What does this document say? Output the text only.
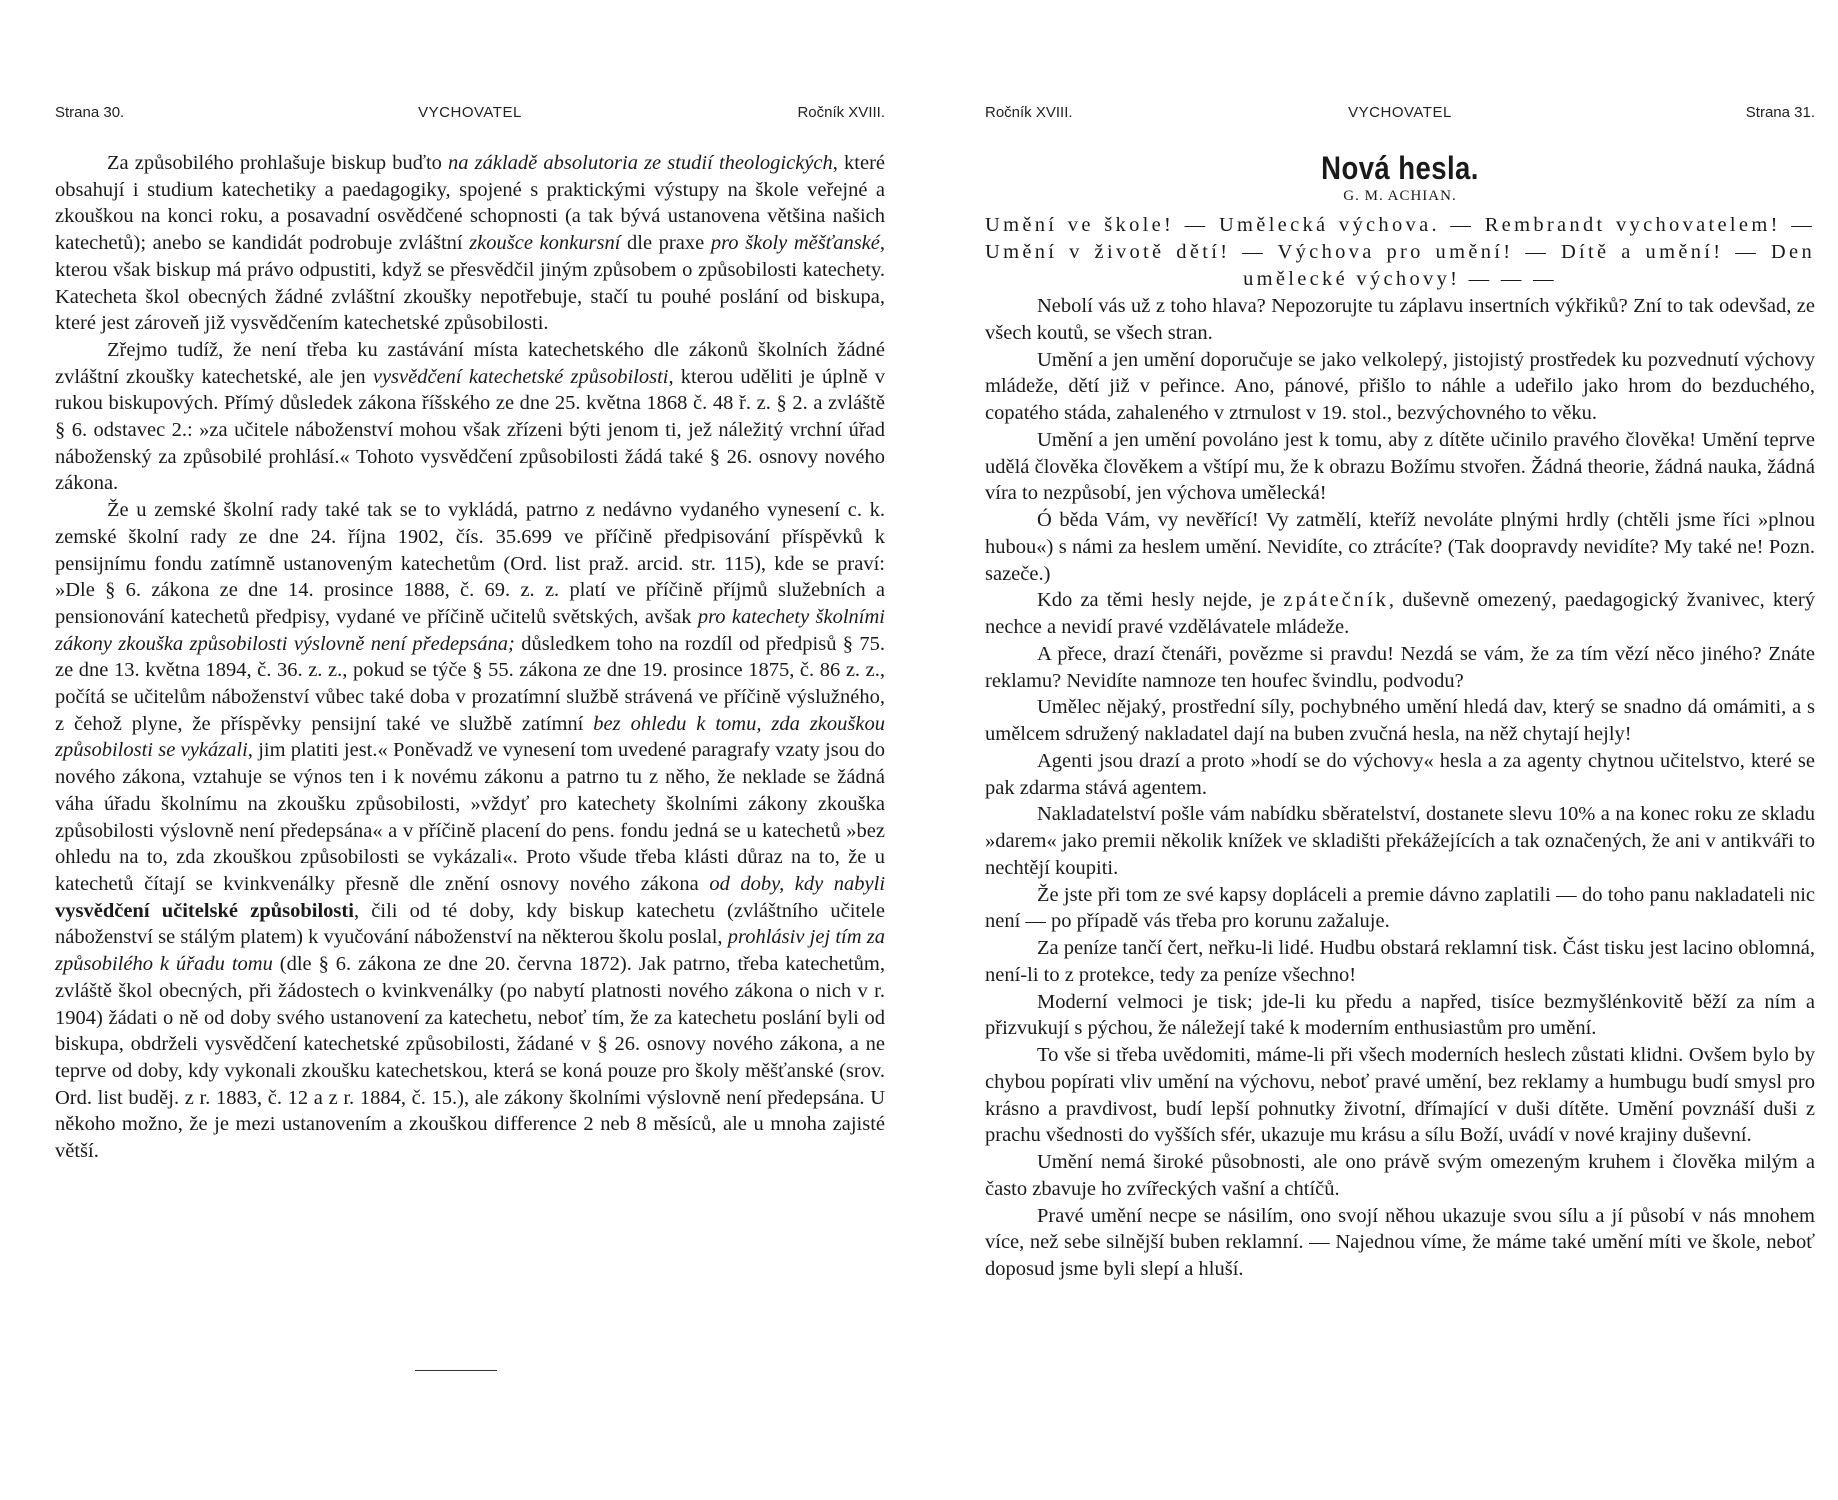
Strana 30.	VYCHOVATEL	Ročník XVIII.

Za způsobilého prohlašuje biskup buďto na základě absolutoria ze studií theologických, které obsahují i studium katechetiky a paedagogiky, spojené s praktickými výstupy na škole veřejné a zkouškou na konci roku, a posavadní osvědčené schopnosti (a tak bývá ustanovena většina našich katechetů); anebo se kandidát podrobuje zvláštní zkoušce konkursní dle praxe pro školy měšťanské, kterou však biskup má právo odpustiti, když se přesvědčil jiným způsobem o způsobilosti katechety. Katecheta škol obecných žádné zvláštní zkoušky nepotřebuje, stačí tu pouhé poslání od biskupa, které jest zároveň již vysvědčením katechetské způsobilosti.

Zřejmo tudíž, že není třeba ku zastávání místa katechetského dle zákonů školních žádné zvláštní zkoušky katechetské, ale jen vysvědčení katechetské způsobilosti, kterou uděliti je úplně v rukou biskupových. Přímý důsledek zákona říšského ze dne 25. května 1868 č. 48 ř. z. § 2. a zvláště § 6. odstavec 2.: »za učitele náboženství mohou však zřízeni býti jenom ti, jež náležitý vrchní úřad náboženský za způsobilé prohlásí.« Tohoto vysvědčení způsobilosti žádá také § 26. osnovy nového zákona.

Že u zemské školní rady také tak se to vykládá, patrno z nedávno vydaného vynesení c. k. zemské školní rady ze dne 24. října 1902, čís. 35.699 ve příčině předpisování příspěvků k pensijnímu fondu zatímně ustanoveným katechetům (Ord. list praž. arcid. str. 115), kde se praví: »Dle § 6. zákona ze dne 14. prosince 1888, č. 69. z. z. platí ve příčině příjmů služebních a pensionování katechetů předpisy, vydané ve příčině učitelů světských, avšak pro katechety školními zákony zkouška způsobilosti výslovně není předepsána; důsledkem toho na rozdíl od předpisů § 75. ze dne 13. května 1894, č. 36. z. z., pokud se týče § 55. zákona ze dne 19. prosince 1875, č. 86 z. z., počítá se učitelům náboženství vůbec také doba v prozatímní službě strávená ve příčině výslužného, z čehož plyne, že příspěvky pensijní také ve službě zatímní bez ohledu k tomu, zda zkouškou způsobilosti se vykázali, jim platiti jest.« Poněvadž ve vynesení tom uvedené paragrafy vzaty jsou do nového zákona, vztahuje se výnos ten i k novému zákonu a patrno tu z něho, že neklade se žádná váha úřadu školnímu na zkoušku způsobilosti, »vždyť pro katechety školními zákony zkouška způsobilosti výslovně není předepsána« a v příčině placení do pens. fondu jedná se u katechetů »bez ohledu na to, zda zkouškou způsobilosti se vykázali«. Proto všude třeba klásti důraz na to, že u katechetů čítají se kvinkvenálky přesně dle znění osnovy nového zákona od doby, kdy nabyli vysvědčení učitelské způsobilosti, čili od té doby, kdy biskup katechetu (zvláštního učitele náboženství se stálým platem) k vyučování náboženství na některou školu poslal, prohlásiv jej tím za způsobilého k úřadu tomu (dle § 6. zákona ze dne 20. června 1872). Jak patrno, třeba katechetům, zvláště škol obecných, při žádostech o kvinkvenálky (po nabytí platnosti nového zákona o nich v r. 1904) žádati o ně od doby svého ustanovení za katechetu, neboť tím, že za katechetu poslání byli od biskupa, obdrželi vysvědčení katechetské způsobilosti, žádané v § 26. osnovy nového zákona, a ne teprve od doby, kdy vykonali zkoušku katechetskou, která se koná pouze pro školy měšťanské (srov. Ord. list buděj. z r. 1883, č. 12 a z r. 1884, č. 15.), ale zákony školními výslovně není předepsána. U někoho možno, že je mezi ustanovením a zkouškou difference 2 neb 8 měsíců, ale u mnoha zajisté větší.

Ročník XVIII.	VYCHOVATEL	Strana 31.
Nová hesla.

G. M. ACHIAN.

Umění ve škole! — Umělecká výchova. — Rembrandt vychovatelem! — Umění v životě dětí! — Výchova pro umění! — Dítě a umění! — Den umělecké výchovy! — — —

Nebolí vás už z toho hlava? Nepozorujte tu záplavu insertních výkřiků? Zní to tak odevšad, ze všech koutů, se všech stran.

Umění a jen umění doporučuje se jako velkolepý, jistojistý prostředek ku pozvednutí výchovy mládeže, dětí již v peřince. Ano, pánové, přišlo to náhle a udeřilo jako hrom do bezduchého, copatého stáda, zahaleného v ztrnulost v 19. stol., bezvýchovného to věku.

Umění a jen umění povoláno jest k tomu, aby z dítěte učinilo pravého člověka! Umění teprve udělá člověka člověkem a vštípí mu, že k obrazu Božímu stvořen. Žádná theorie, žádná nauka, žádná víra to nezpůsobí, jen výchova umělecká!

Ó běda Vám, vy nevěřící! Vy zatmělí, kteříž nevoláte plnými hrdly (chtěli jsme říci »plnou hubou«) s námi za heslem umění. Nevidíte, co ztrácíte? (Tak doopravdy nevidíte? My také ne! Pozn. sazeče.)

Kdo za těmi hesly nejde, je zpátečník, duševně omezený, paedagogický žvanivec, který nechce a nevidí pravé vzdělávatele mládeže.

A přece, drazí čtenáři, povězme si pravdu! Nezdá se vám, že za tím vězí něco jiného? Znáte reklamu? Nevidíte namnoze ten houfec švindlu, podvodu?

Umělec nějaký, prostřední síly, pochybného umění hledá dav, který se snadno dá omámiti, a s umělcem sdružený nakladatel dají na buben zvučná hesla, na něž chytají hejly!

Agenti jsou drazí a proto »hodí se do výchovy« hesla a za agenty chytnou učitelstvo, které se pak zdarma stává agentem.

Nakladatelství pošle vám nabídku sběratelství, dostanete slevu 10% a na konec roku ze skladu »darem« jako premii několik knížek ve skladišti překážejících a tak označených, že ani v antikváři to nechtějí koupiti.

Že jste při tom ze své kapsy dopláceli a premie dávno zaplatili — do toho panu nakladateli nic není — po případě vás třeba pro korunu zažaluje.

Za peníze tančí čert, neřku-li lidé. Hudbu obstará reklamní tisk. Část tisku jest lacino oblomná, není-li to z protekce, tedy za peníze všechno!

Moderní velmoci je tisk; jde-li ku předu a napřed, tisíce bezmyšlénkovitě běží za ním a přizvukují s pýchou, že náležejí také k moderním enthusiastům pro umění.

To vše si třeba uvědomiti, máme-li při všech moderních heslech zůstati klidni. Ovšem bylo by chybou popírati vliv umění na výchovu, neboť pravé umění, bez reklamy a humbugu budí smysl pro krásno a pravdivost, budí lepší pohnutky životní, dřímající v duši dítěte. Umění povznáší duši z prachu všednosti do vyšších sfér, ukazuje mu krásu a sílu Boží, uvádí v nové krajiny duševní.

Umění nemá široké působnosti, ale ono právě svým omezeným kruhem i člověka milým a často zbavuje ho zvířeckých vašní a chtíčů.

Pravé umění necpe se násilím, ono svojí něhou ukazuje svou sílu a jí působí v nás mnohem více, než sebe silnější buben reklamní. — Najednou víme, že máme také umění míti ve škole, neboť doposud jsme byli slepí a hluší.
